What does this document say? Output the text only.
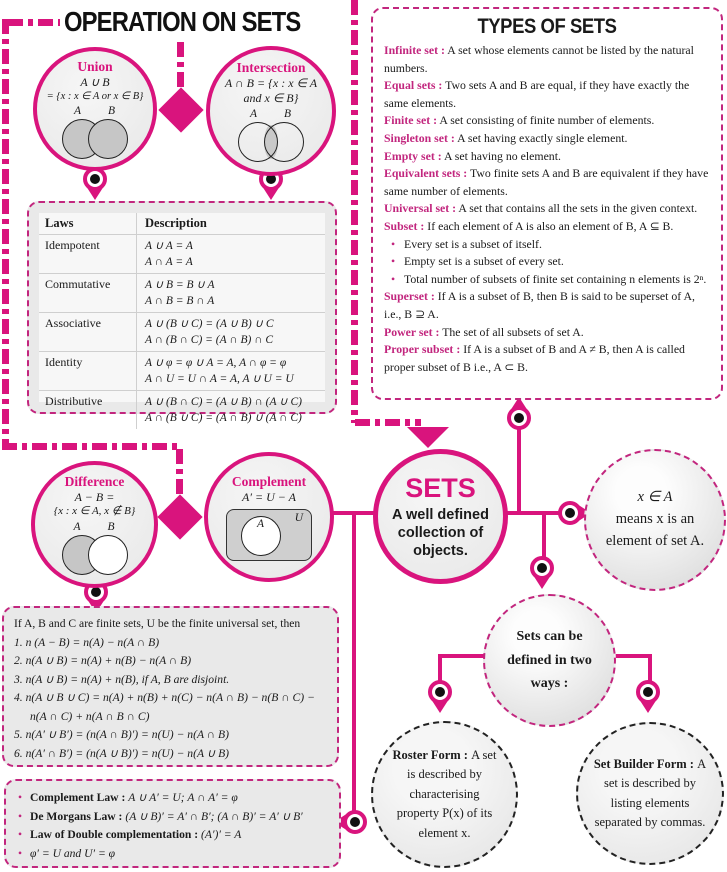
OPERATION ON SETS
Union
A ∪ B
= {x : x ∈ A or x ∈ B}
A B
Intersection
A ∩ B = {x : x ∈ A
and x ∈ B}
A B
Laws	Description
Idempotent	A ∪ A = A
A ∩ A = A
Commutative	A ∪ B = B ∪ A
A ∩ B = B ∩ A
Associative	A ∪ (B ∪ C) = (A ∪ B) ∪ C
A ∩ (B ∩ C) = (A ∩ B) ∩ C
Identity	A ∪ φ = φ ∪ A = A, A ∩ φ = φ
A ∩ U = U ∩ A = A, A ∪ U = U
Distributive	A ∪ (B ∩ C) = (A ∪ B) ∩ (A ∪ C)
A ∩ (B ∪ C) = (A ∩ B) ∪ (A ∩ C)
TYPES OF SETS

Infinite set : A set whose elements cannot be listed by the natural numbers.

Equal sets : Two sets A and B are equal, if they have exactly the same elements.

Finite set : A set consisting of finite number of elements.

Singleton set : A set having exactly single element.

Empty set : A set having no element.

Equivalent sets : Two finite sets A and B are equivalent if they have same number of elements.

Universal set : A set that contains all the sets in the given context.

Subset : If each element of A is also an element of B, A ⊆ B.

• Every set is a subset of itself.

• Empty set is a subset of every set.

• Total number of subsets of finite set containing n elements is 2ⁿ.

Superset : If A is a subset of B, then B is said to be superset of A, i.e., B ⊇ A.

Power set : The set of all subsets of set A.

Proper subset : If A is a subset of B and A ≠ B, then A is called proper subset of B i.e., A ⊂ B.

Difference
A − B =
{x : x ∈ A, x ∉ B}
A B
Complement
A′ = U − A
U
A
SETS
A well defined collection of objects.
x ∈ A
means x is an element of set A.
Sets can be defined in two ways :
Roster Form : A set is described by characterising property P(x) of its element x.
Set Builder Form : A set is described by listing elements separated by commas.

If A, B and C are finite sets, U be the finite universal set, then

1. n (A − B) = n(A) − n(A ∩ B)

2. n(A ∪ B) = n(A) + n(B) − n(A ∩ B)

3. n(A ∪ B) = n(A) + n(B), if A, B are disjoint.

4. n(A ∪ B ∪ C) = n(A) + n(B) + n(C) − n(A ∩ B) − n(B ∩ C) − n(A ∩ C) + n(A ∩ B ∩ C)

5. n(A′ ∪ B′) = (n(A ∩ B)′) = n(U) − n(A ∩ B)

6. n(A′ ∩ B′) = (n(A ∪ B)′) = n(U) − n(A ∪ B)

• Complement Law : A ∪ A′ = U; A ∩ A′ = φ

• De Morgans Law : (A ∪ B)′ = A′ ∩ B′; (A ∩ B)′ = A′ ∪ B′

• Law of Double complementation : (A′)′ = A

• φ′ = U and U′ = φ
